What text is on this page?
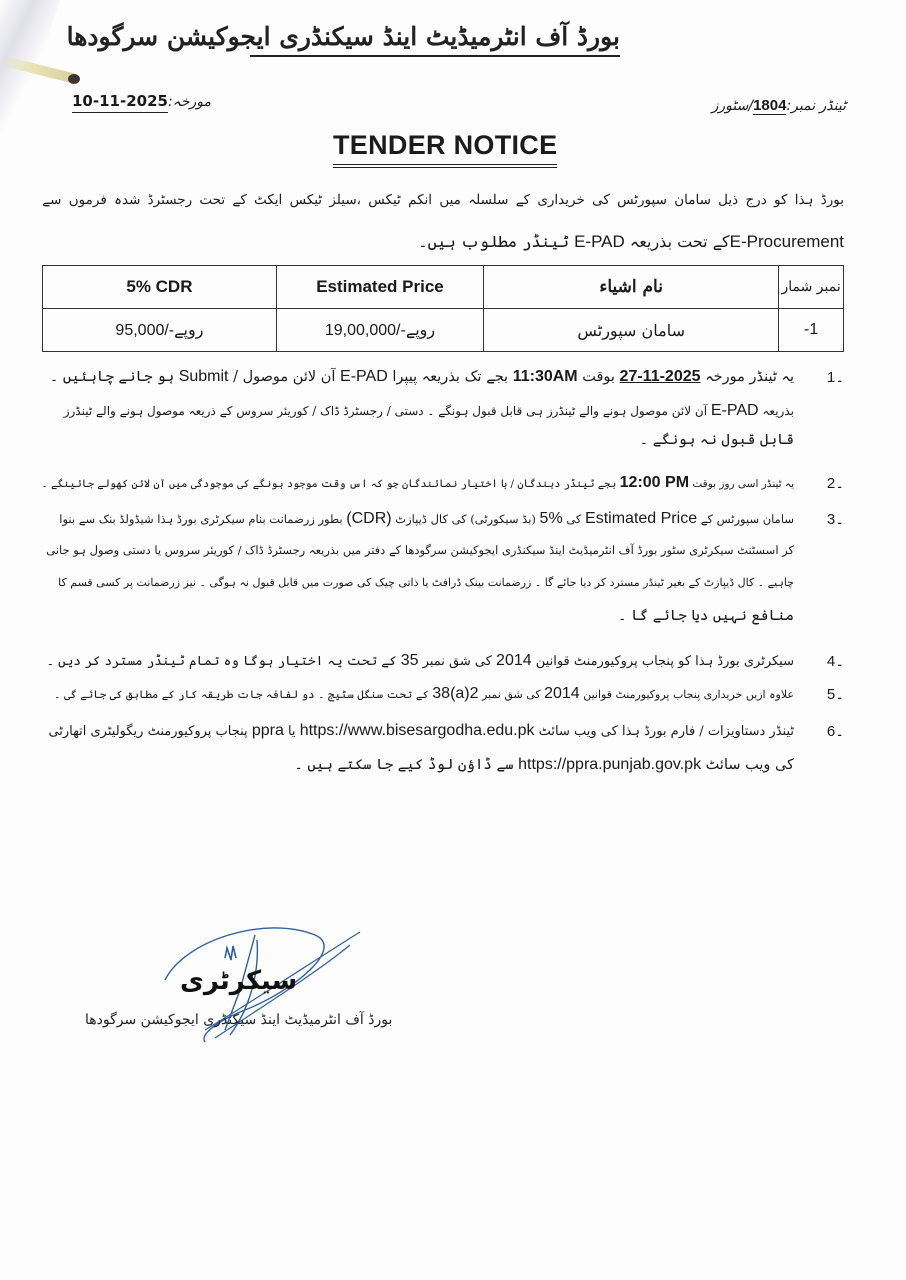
بورڈ آف انٹرمیڈیٹ اینڈ سیکنڈری ایجوکیشن سرگودھا
مورخہ:10-11-2025	ٹینڈر نمبر:1804/سٹورز
TENDER NOTICE
بورڈ ہذا کو درج ذیل سامان سپورٹس کی خریداری کے سلسلہ میں انکم ٹیکس ،سیلز ٹیکس ایکٹ کے تحت رجسٹرڈ شدہ فرموں سے
E-Procurementکے تحت بذریعہ E-PAD ٹینڈر مطلوب ہیں۔
5% CDR	Estimated Price	نام اشیاء	نمبر شمار
روپے-/95,000	روپے-/19,00,000	سامان سپورٹس	-1
یہ ٹینڈر مورخہ 27-11-2025 بوقت 11:30AM بجے تک بذریعہ پیپرا E-PAD آن لائن موصول / Submit ہو جانے چاہئیں ۔	1۔
بذریعہ E-PAD آن لائن موصول ہونے والے ٹینڈرز ہی قابل قبول ہونگے ۔ دستی / رجسٹرڈ ڈاک / کوریئر سروس کے ذریعہ موصول ہونے والے ٹینڈرز
قابل قبول نہ ہونگے ۔
یہ ٹینڈر اسی روز بوقت 12:00 PM بجے ٹینڈر دہندگان / با اختیار نمائندگان جو کہ اس وقت موجود ہونگے کی موجودگی میں آن لائن کھولے جائینگے ۔	2۔
سامان سپورٹس کے Estimated Price کی 5% (بڈ سیکورٹی) کی کال ڈیپازٹ (CDR) بطور زرضمانت بنام سیکرٹری بورڈ ہذا شیڈولڈ بنک سے بنوا	3۔
کر اسسٹنٹ سیکرٹری سٹور بورڈ آف انٹرمیڈیٹ اینڈ سیکنڈری ایجوکیشن سرگودھا کے دفتر میں بذریعہ رجسٹرڈ ڈاک / کوریئر سروس یا دستی وصول ہو جانی
چاہیے ۔ کال ڈیپازٹ کے بغیر ٹینڈر مسترد کر دیا جائے گا ۔ زرضمانت بینک ڈرافٹ یا ذاتی چیک کی صورت میں قابل قبول نہ ہوگی ۔ نیز زرضمانت پر کسی قسم کا
منافع نہیں دیا جائے گا ۔
سیکرٹری بورڈ ہذا کو پنجاب پروکیورمنٹ قوانین 2014 کی شق نمبر 35 کے تحت یہ اختیار ہوگا وہ تمام ٹینڈر مسترد کر دیں ۔	4۔
علاوہ ازیں خریداری پنجاب پروکیورمنٹ قوانین 2014 کی شق نمبر 38(a)2 کے تحت سنگل سٹیج ۔ دو لفافہ جات طریقہ کار کے مطابق کی جائے گی ۔	5۔
ٹینڈر دستاویزات / فارم بورڈ ہذا کی ویب سائٹ https://www.bisesargodha.edu.pk یا ppra پنجاب پروکیورمنٹ ریگولیٹری اتھارٹی	6۔
کی ویب سائٹ https://ppra.punjab.gov.pk سے ڈاؤن لوڈ کیے جا سکتے ہیں ۔
سیکرٹری
بورڈ آف انٹرمیڈیٹ اینڈ سیکنڈری ایجوکیشن سرگودھا
